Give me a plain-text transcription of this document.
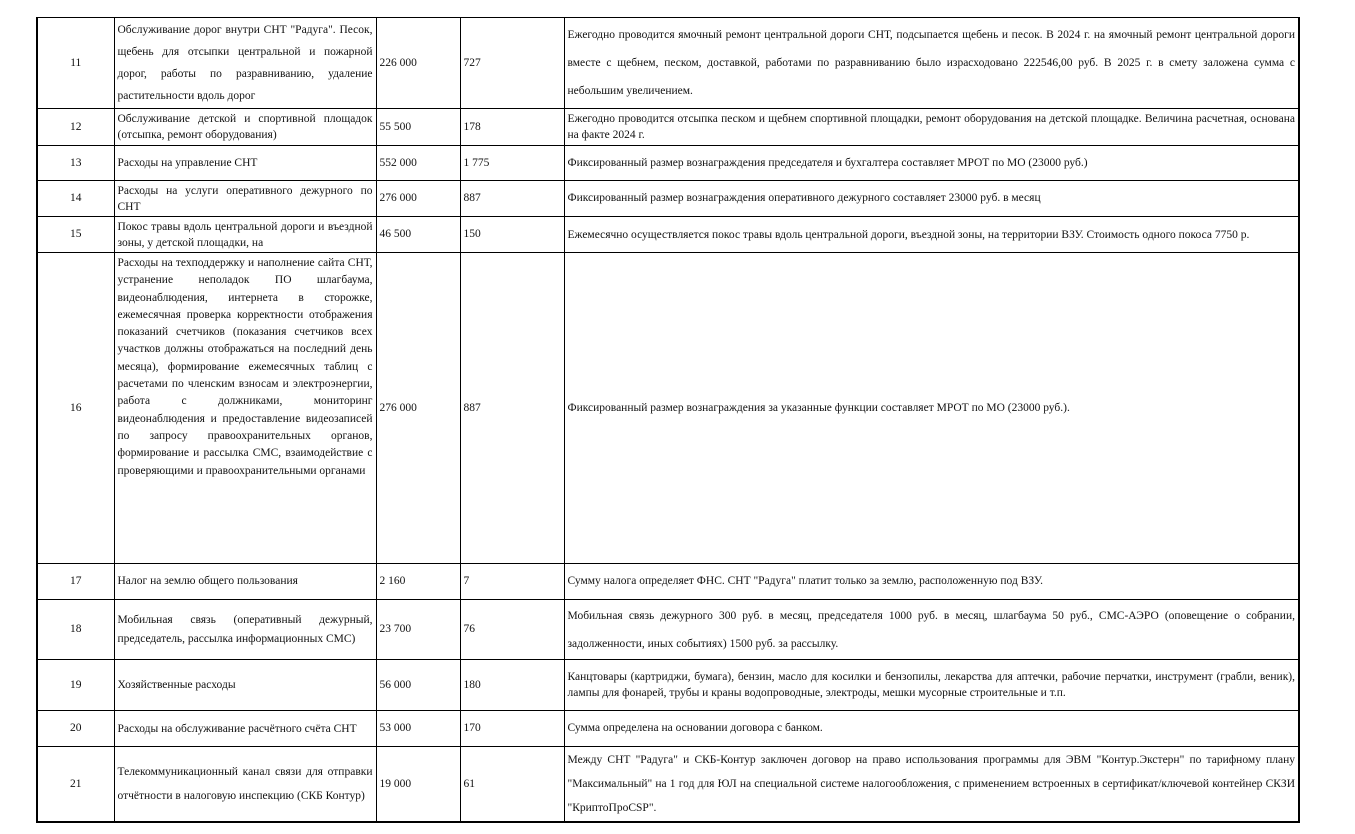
11	Обслуживание дорог внутри СНТ "Радуга". Песок, щебень для отсыпки центральной и пожарной дорог, работы по разравниванию, удаление растительности вдоль дорог	226 000	727	Ежегодно проводится ямочный ремонт центральной дороги СНТ, подсыпается щебень и песок. В 2024 г. на ямочный ремонт центральной дороги вместе с щебнем, песком, доставкой, работами по разравниванию было израсходовано 222546,00 руб. В 2025 г. в смету заложена сумма с небольшим увеличением.
12	Обслуживание детской и спортивной площадок (отсыпка, ремонт оборудования)	55 500	178	Ежегодно проводится отсыпка песком и щебнем спортивной площадки, ремонт оборудования на детской площадке. Величина расчетная, основана на факте 2024 г.
13	Расходы на управление СНТ	552 000	1 775	Фиксированный размер вознаграждения председателя и бухгалтера составляет МРОТ по МО (23000 руб.)
14	Расходы на услуги оперативного дежурного по СНТ	276 000	887	Фиксированный размер вознаграждения оперативного дежурного составляет 23000 руб. в месяц
15	Покос травы вдоль центральной дороги и въездной зоны, у детской площадки, на	46 500	150	Ежемесячно осуществляется покос травы вдоль центральной дороги, въездной зоны, на территории ВЗУ. Стоимость одного покоса 7750 р.
16	Расходы на техподдержку и наполнение сайта СНТ, устранение неполадок ПО шлагбаума, видеонаблюдения, интернета в сторожке, ежемесячная проверка корректности отображения показаний счетчиков (показания счетчиков всех участков должны отображаться на последний день месяца), формирование ежемесячных таблиц с расчетами по членским взносам и электроэнергии, работа с должниками, мониторинг видеонаблюдения и предоставление видеозаписей по запросу правоохранительных органов, формирование и рассылка СМС, взаимодействие с проверяющими и правоохранительными органами	276 000	887	Фиксированный размер вознаграждения за указанные функции составляет МРОТ по МО (23000 руб.).
17	Налог на землю общего пользования	2 160	7	Сумму налога определяет ФНС. СНТ "Радуга" платит только за землю, расположенную под ВЗУ.
18	Мобильная связь (оперативный дежурный, председатель, рассылка информационных СМС)	23 700	76	Мобильная связь дежурного 300 руб. в месяц, председателя 1000 руб. в месяц, шлагбаума 50 руб., СМС-АЭРО (оповещение о собрании, задолженности, иных событиях) 1500 руб. за рассылку.
19	Хозяйственные расходы	56 000	180	Канцтовары (картриджи, бумага), бензин, масло для косилки и бензопилы, лекарства для аптечки, рабочие перчатки, инструмент (грабли, веник), лампы для фонарей, трубы и краны водопроводные, электроды, мешки мусорные строительные и т.п.
20	Расходы на обслуживание расчётного счёта СНТ	53 000	170	Сумма определена на основании договора с банком.
21	Телекоммуникационный канал связи для отправки отчётности в налоговую инспекцию (СКБ Контур)	19 000	61	Между СНТ "Радуга" и СКБ-Контур заключен договор на право использования программы для ЭВМ "Контур.Экстерн" по тарифному плану "Максимальный" на 1 год для ЮЛ на специальной системе налогообложения, с применением встроенных в сертификат/ключевой контейнер СКЗИ "КриптоПроCSP".
